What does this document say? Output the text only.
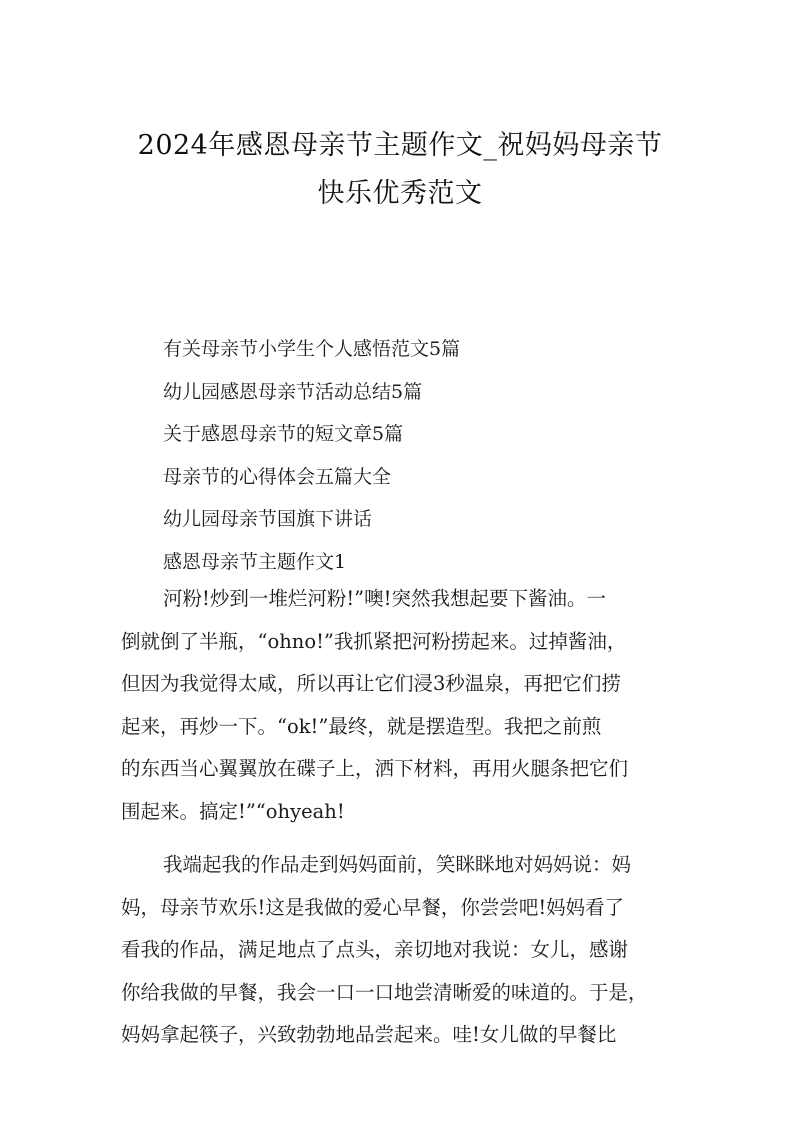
2024年感恩母亲节主题作文_祝妈妈母亲节
快乐优秀范文
有关母亲节小学生个人感悟范文5篇
幼儿园感恩母亲节活动总结5篇
关于感恩母亲节的短文章5篇
母亲节的心得体会五篇大全
幼儿园母亲节国旗下讲话
感恩母亲节主题作文1
河粉!炒到一堆烂河粉!”噢!突然我想起要下酱油。一
倒就倒了半瓶，“ohno!”我抓紧把河粉捞起来。过掉酱油，
但因为我觉得太咸，所以再让它们浸3秒温泉，再把它们捞
起来，再炒一下。“ok!”最终，就是摆造型。我把之前煎
的东西当心翼翼放在碟子上，洒下材料，再用火腿条把它们
围起来。搞定!”“ohyeah!
我端起我的作品走到妈妈面前，笑眯眯地对妈妈说：妈
妈，母亲节欢乐!这是我做的爱心早餐，你尝尝吧!妈妈看了
看我的作品，满足地点了点头，亲切地对我说：女儿，感谢
你给我做的早餐，我会一口一口地尝清晰爱的味道的。于是，
妈妈拿起筷子，兴致勃勃地品尝起来。哇!女儿做的早餐比
